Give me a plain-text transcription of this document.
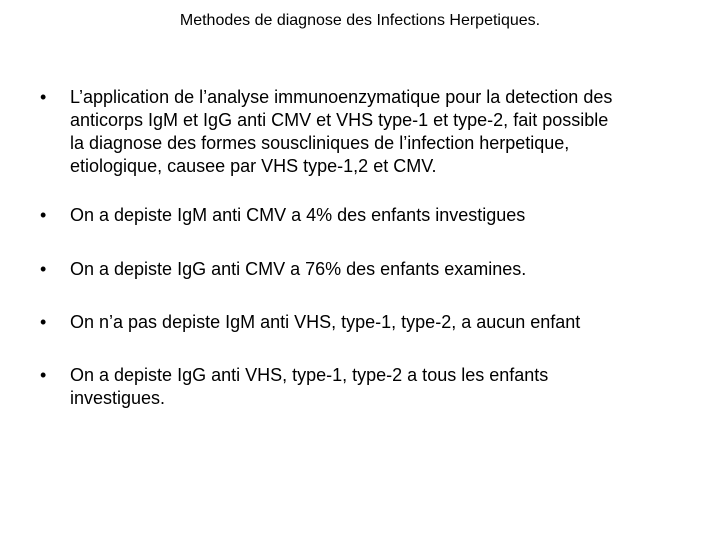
Methodes de diagnose des Infections Herpetiques.
•	L’application de l’analyse immunoenzymatique pour la detection des
anticorps IgM et IgG anti CMV et VHS type-1 et type-2, fait possible
la diagnose des formes souscliniques de l’infection herpetique,
etiologique, causee par VHS type-1,2 et CMV.
•	On a depiste IgM anti CMV a 4% des enfants investigues
•	On a depiste IgG anti CMV a 76% des enfants examines.
•	On n’a pas depiste IgM anti VHS, type-1, type-2, a aucun enfant
•	On a depiste IgG anti VHS, type-1, type-2 a tous les enfants
investigues.
